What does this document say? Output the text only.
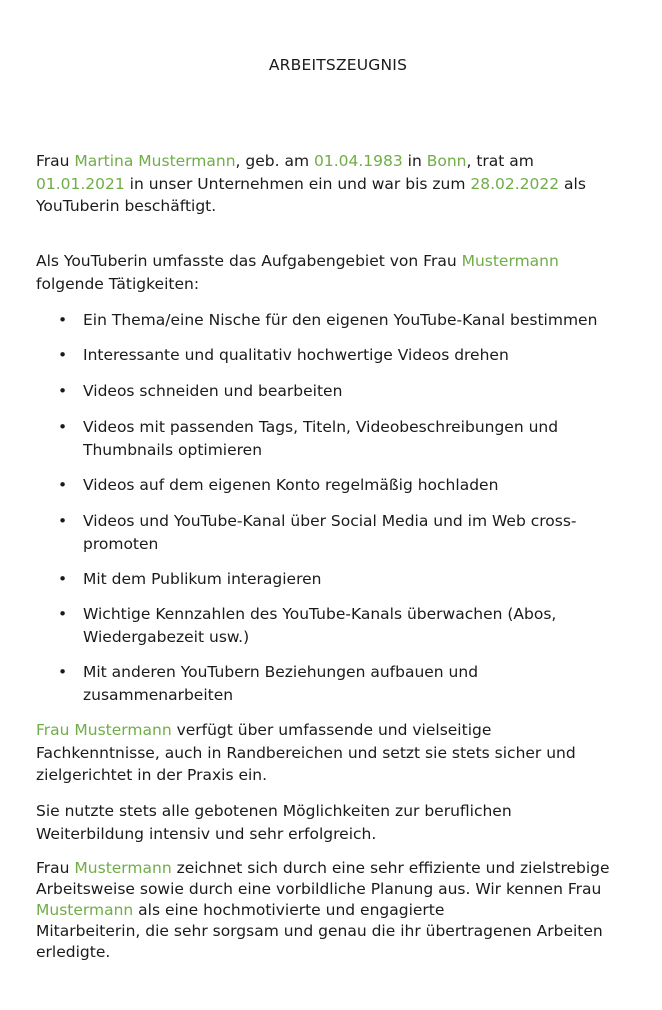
ARBEITSZEUGNIS
Frau Martina Mustermann, geb. am 01.04.1983 in Bonn, trat am
01.01.2021 in unser Unternehmen ein und war bis zum 28.02.2022 als
YouTuberin beschäftigt.
Als YouTuberin umfasste das Aufgabengebiet von Frau Mustermann
folgende Tätigkeiten:
•	Ein Thema/eine Nische für den eigenen YouTube-Kanal bestimmen
•	Interessante und qualitativ hochwertige Videos drehen
•	Videos schneiden und bearbeiten
•	Videos mit passenden Tags, Titeln, Videobeschreibungen und
Thumbnails optimieren
•	Videos auf dem eigenen Konto regelmäßig hochladen
•	Videos und YouTube-Kanal über Social Media und im Web cross-
promoten
•	Mit dem Publikum interagieren
•	Wichtige Kennzahlen des YouTube-Kanals überwachen (Abos,
Wiedergabezeit usw.)
•	Mit anderen YouTubern Beziehungen aufbauen und
zusammenarbeiten
Frau Mustermann verfügt über umfassende und vielseitige
Fachkenntnisse, auch in Randbereichen und setzt sie stets sicher und
zielgerichtet in der Praxis ein.
Sie nutzte stets alle gebotenen Möglichkeiten zur beruflichen
Weiterbildung intensiv und sehr erfolgreich.
Frau Mustermann zeichnet sich durch eine sehr effiziente und zielstrebige
Arbeitsweise sowie durch eine vorbildliche Planung aus. Wir kennen Frau
Mustermann als eine hochmotivierte und engagierte
Mitarbeiterin, die sehr sorgsam und genau die ihr übertragenen Arbeiten
erledigte.
